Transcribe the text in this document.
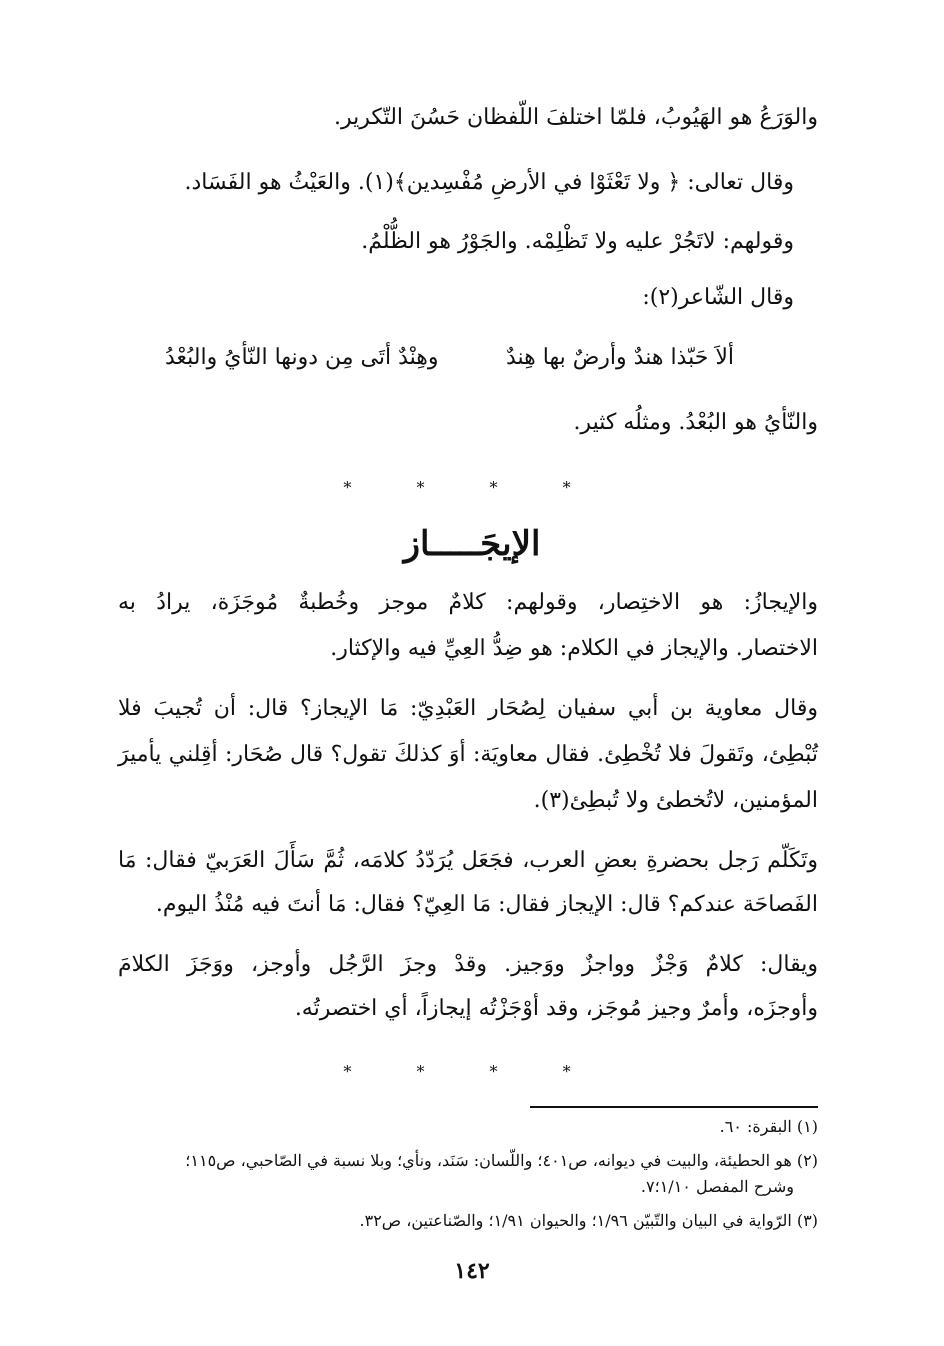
والوَرَعُ هو الهَيُوبُ، فلمّا اختلفَ اللّفظان حَسُنَ التّكرير.
وقال تعالى: ﴿ ولا تَعْثَوْا في الأرضِ مُفْسِدين﴾(١). والعَيْثُ هو الفَسَاد.
وقولهم: لاتَجُرْ عليه ولا تَظْلِمْه. والجَوْرُ هو الظُّلْمُ.
وقال الشّاعر(٢):
ألاَ حَبّذا هندٌ وأرضٌ بها هِندٌ
وهِنْدٌ أتَى مِن دونها النّأيُ والبُعْدُ
والنّأيُ هو البُعْدُ. ومثلُه كثير.
* * * *
الإيجَـــــاز
والإيجازُ: هو الاختِصار، وقولهم: كلامٌ موجز وخُطبةٌ مُوجَزَة، يرادُ به
الاختصار. والإيجاز في الكلام: هو ضِدُّ العِيِّ فيه والإكثار.
وقال معاوية بن أبي سفيان لِصُحَار العَبْدِيّ: مَا الإيجاز؟ قال: أن تُجيبَ فلا
تُبْطِئ، وتَقولَ فلا تُخْطِئ. فقال معاويَة: أوَ كذلكَ تقول؟ قال صُحَار: أقِلني يأميرَ
المؤمنين، لاتُخطئ ولا تُبطِئ(٣).
وتَكَلّم رَجل بحضرةِ بعضِ العرب، فجَعَل يُرَدّدُ كلامَه، ثُمَّ سَأَلَ العَرَبيّ فقال: مَا
الفَصاحَة عندكم؟ قال: الإيجاز فقال: مَا العِيّ؟ فقال: مَا أنتَ فيه مُنْذُ اليوم.
ويقال: كلامٌ وَجْزٌ وواجزٌ ووَجيز. وقدْ وجزَ الرَّجُل وأوجز، ووَجَزَ الكلامَ
وأوجزَه، وأمرٌ وجيز مُوجَز، وقد أوْجَزْتُه إيجازاً، أي اختصرتُه.
* * * *
(١) البقرة: ٦٠.
(٢) هو الحطيئة، والبيت في ديوانه، ص٤٠١؛ واللّسان: سَنَد، ونأي؛ وبلا نسبة في الصّاحبي، ص١١٥؛
وشرح المفصل ١/١٠؛٧.
(٣) الرّواية في البيان والتّبيّن ١/٩٦؛ والحيوان ١/٩١؛ والصّناعتين، ص٣٢.
١٤٢
